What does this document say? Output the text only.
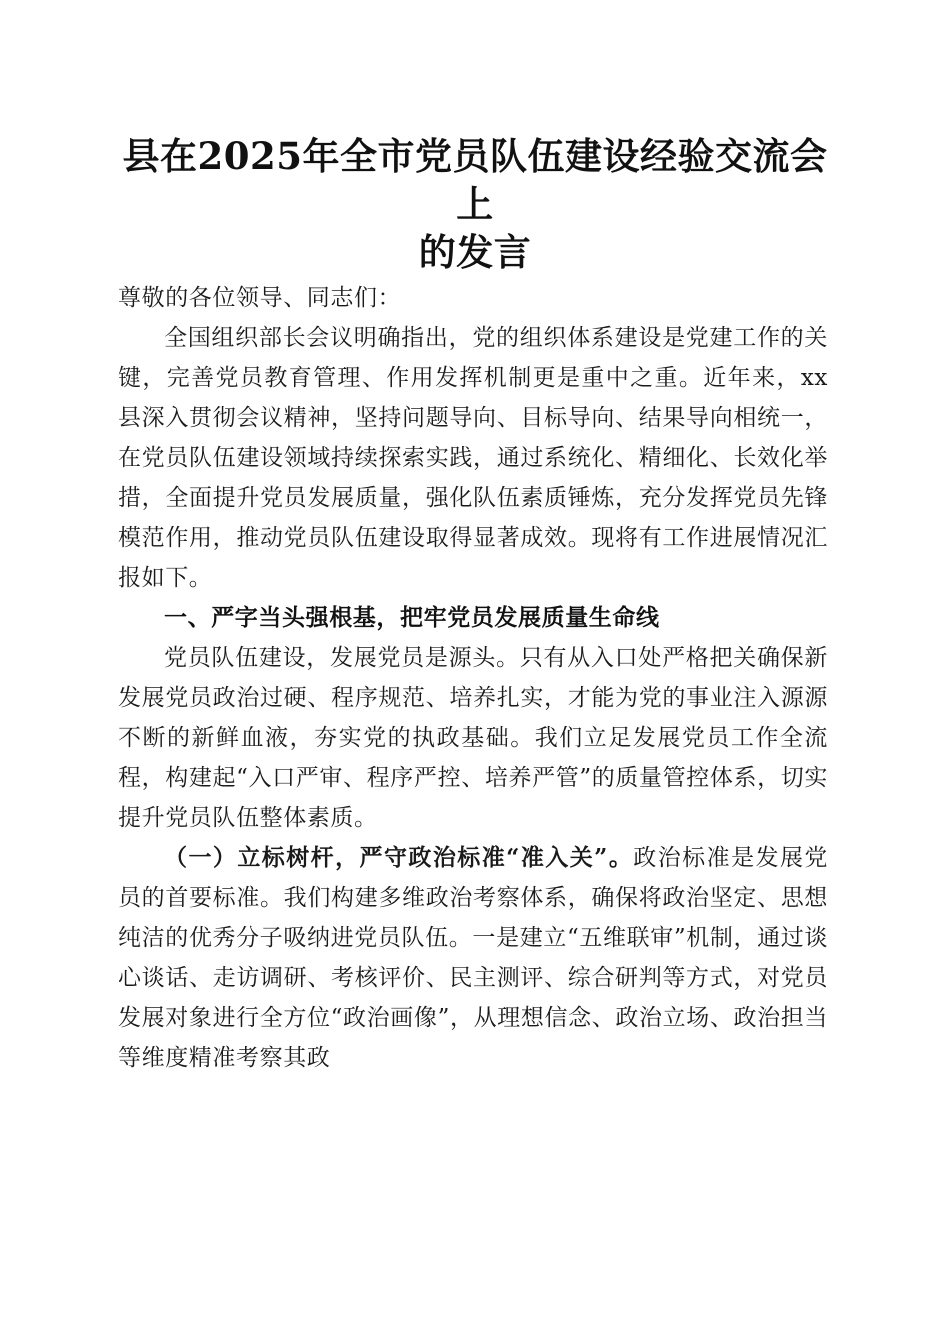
县在2025年全市党员队伍建设经验交流会上
的发言

尊敬的各位领导、同志们：

全国组织部长会议明确指出，党的组织体系建设是党建工作的关键，完善党员教育管理、作用发挥机制更是重中之重。近年来，xx县深入贯彻会议精神，坚持问题导向、目标导向、结果导向相统一，在党员队伍建设领域持续探索实践，通过系统化、精细化、长效化举措，全面提升党员发展质量，强化队伍素质锤炼，充分发挥党员先锋模范作用，推动党员队伍建设取得显著成效。现将有工作进展情况汇报如下。

一、严字当头强根基，把牢党员发展质量生命线

党员队伍建设，发展党员是源头。只有从入口处严格把关确保新发展党员政治过硬、程序规范、培养扎实，才能为党的事业注入源源不断的新鲜血液，夯实党的执政基础。我们立足发展党员工作全流程，构建起“入口严审、程序严控、培养严管”的质量管控体系，切实提升党员队伍整体素质。

（一）立标树杆，严守政治标准“准入关”。政治标准是发展党员的首要标准。我们构建多维政治考察体系，确保将政治坚定、思想纯洁的优秀分子吸纳进党员队伍。一是建立“五维联审”机制，通过谈心谈话、走访调研、考核评价、民主测评、综合研判等方式，对党员发展对象进行全方位“政治画像”，从理想信念、政治立场、政治担当等维度精准考察其政
